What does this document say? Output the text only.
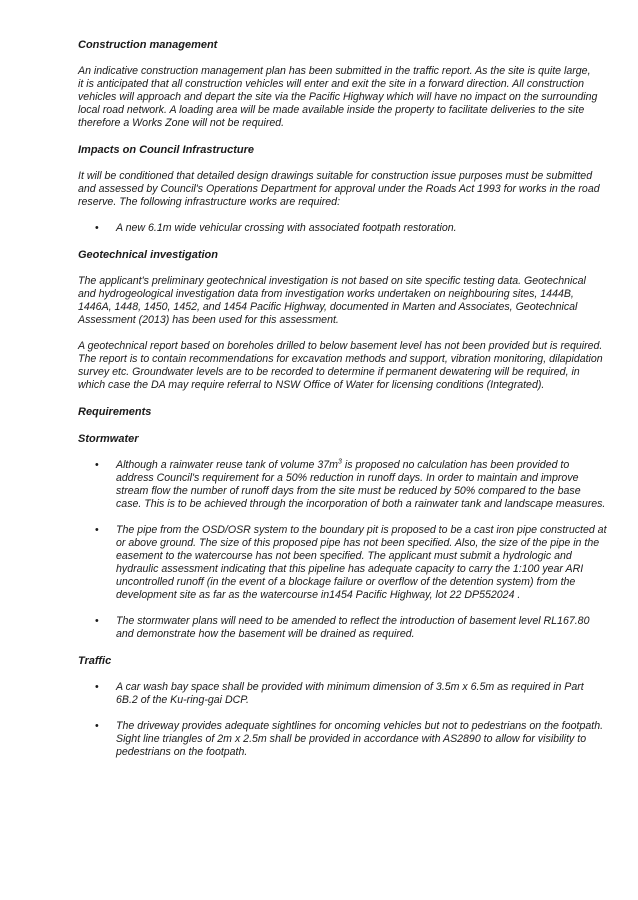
Construction management

An indicative construction management plan has been submitted in the traffic report. As the site is quite large, it is anticipated that all construction vehicles will enter and exit the site in a forward direction. All construction vehicles will approach and depart the site via the Pacific Highway which will have no impact on the surrounding local road network. A loading area will be made available inside the property to facilitate deliveries to the site therefore a Works Zone will not be required.

Impacts on Council Infrastructure

It will be conditioned that detailed design drawings suitable for construction issue purposes must be submitted and assessed by Council's Operations Department for approval under the Roads Act 1993 for works in the road reserve. The following infrastructure works are required:

• A new 6.1m wide vehicular crossing with associated footpath restoration.
Geotechnical investigation

The applicant's preliminary geotechnical investigation is not based on site specific testing data. Geotechnical and hydrogeological investigation data from investigation works undertaken on neighbouring sites, 1444B, 1446A, 1448, 1450, 1452, and 1454 Pacific Highway, documented in Marten and Associates, Geotechnical Assessment (2013) has been used for this assessment.

A geotechnical report based on boreholes drilled to below basement level has not been provided but is required. The report is to contain recommendations for excavation methods and support, vibration monitoring, dilapidation survey etc. Groundwater levels are to be recorded to determine if permanent dewatering will be required, in which case the DA may require referral to NSW Office of Water for licensing conditions (Integrated).

Requirements
Stormwater
• Although a rainwater reuse tank of volume $37m^3$ is proposed no calculation has been provided to address Council's requirement for a 50% reduction in runoff days. In order to maintain and improve stream flow the number of runoff days from the site must be reduced by 50% compared to the base case. This is to be achieved through the incorporation of both a rainwater tank and landscape measures.
• The pipe from the OSD/OSR system to the boundary pit is proposed to be a cast iron pipe constructed at or above ground. The size of this proposed pipe has not been specified. Also, the size of the pipe in the easement to the watercourse has not been specified. The applicant must submit a hydrologic and hydraulic assessment indicating that this pipeline has adequate capacity to carry the 1:100 year ARI uncontrolled runoff (in the event of a blockage failure or overflow of the detention system) from the development site as far as the watercourse in1454 Pacific Highway, lot 22 DP552024 .
• The stormwater plans will need to be amended to reflect the introduction of basement level RL167.80 and demonstrate how the basement will be drained as required.
Traffic
• A car wash bay space shall be provided with minimum dimension of 3.5m x 6.5m as required in Part 6B.2 of the Ku-ring-gai DCP.
• The driveway provides adequate sightlines for oncoming vehicles but not to pedestrians on the footpath. Sight line triangles of 2m x 2.5m shall be provided in accordance with AS2890 to allow for visibility to pedestrians on the footpath.
